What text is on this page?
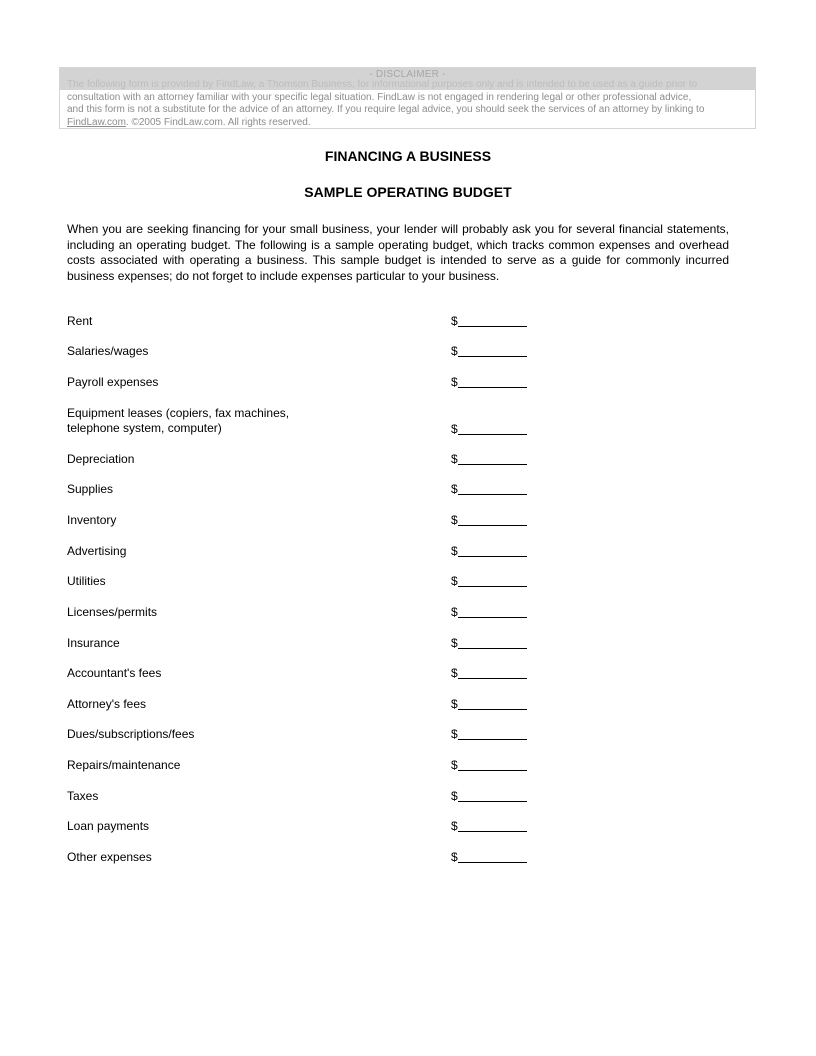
- DISCLAIMER -
The following form is provided by FindLaw, a Thomson Business, for informational purposes only and is intended to be used as a guide prior to
consultation with an attorney familiar with your specific legal situation. FindLaw is not engaged in rendering legal or other professional advice,
and this form is not a substitute for the advice of an attorney. If you require legal advice, you should seek the services of an attorney by linking to
FindLaw.com. ©2005 FindLaw.com. All rights reserved.
FINANCING A BUSINESS
SAMPLE OPERATING BUDGET
When you are seeking financing for your small business, your lender will probably ask you for several financial statements, including an operating budget. The following is a sample operating budget, which tracks common expenses and overhead costs associated with operating a business. This sample budget is intended to serve as a guide for commonly incurred business expenses; do not forget to include expenses particular to your business.
Rent	$
Salaries/wages	$
Payroll expenses	$
Equipment leases (copiers, fax machines,
telephone system, computer)	$
Depreciation	$
Supplies	$
Inventory	$
Advertising	$
Utilities	$
Licenses/permits	$
Insurance	$
Accountant's fees	$
Attorney's fees	$
Dues/subscriptions/fees	$
Repairs/maintenance	$
Taxes	$
Loan payments	$
Other expenses	$
